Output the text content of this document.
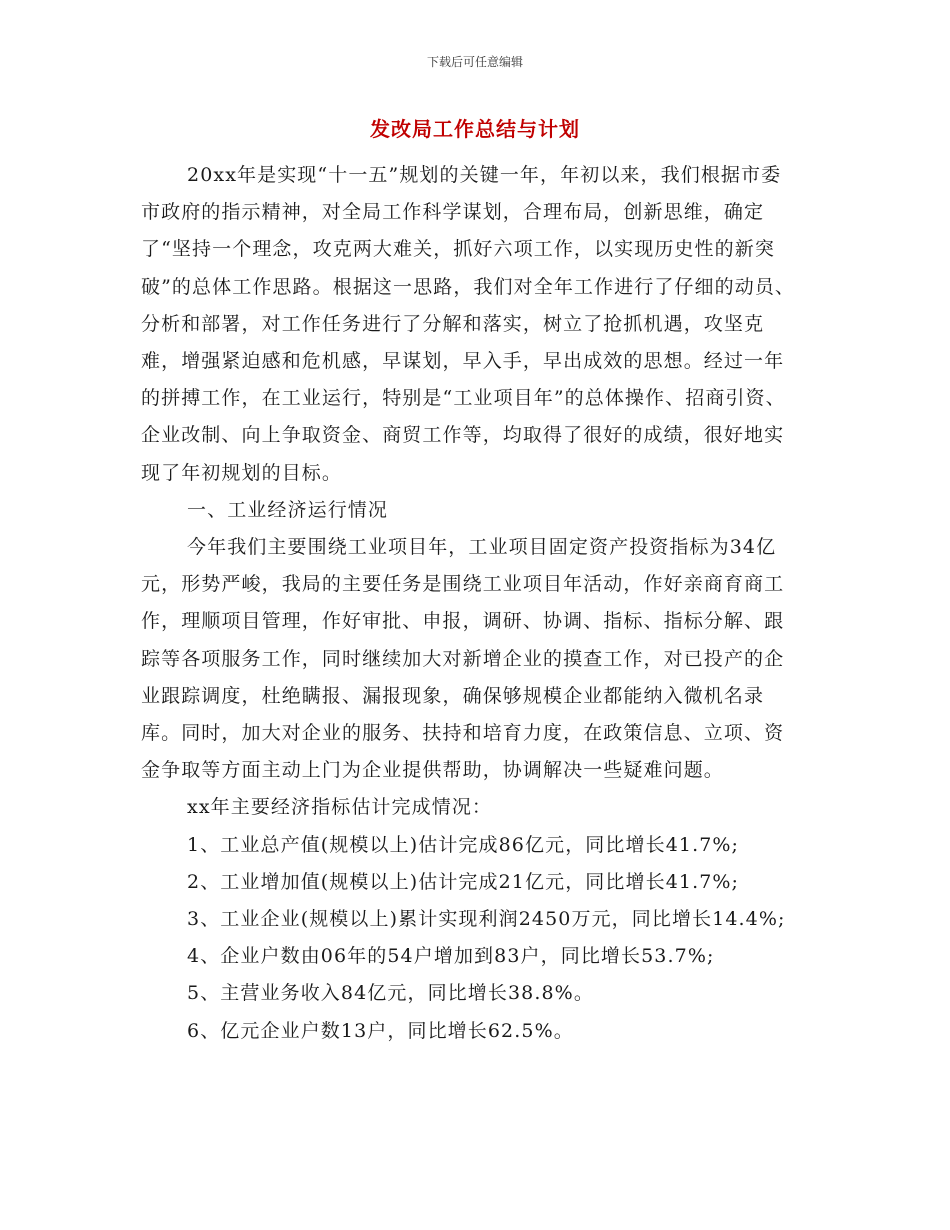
下载后可任意编辑
发改局工作总结与计划

20xx年是实现“十一五”规划的关键一年，年初以来，我们根据市委市政府的指示精神，对全局工作科学谋划，合理布局，创新思维，确定了“坚持一个理念，攻克两大难关，抓好六项工作，以实现历史性的新突破”的总体工作思路。根据这一思路，我们对全年工作进行了仔细的动员、分析和部署，对工作任务进行了分解和落实，树立了抢抓机遇，攻坚克难，增强紧迫感和危机感，早谋划，早入手，早出成效的思想。经过一年的拼搏工作，在工业运行，特别是“工业项目年”的总体操作、招商引资、企业改制、向上争取资金、商贸工作等，均取得了很好的成绩，很好地实现了年初规划的目标。

一、工业经济运行情况

今年我们主要围绕工业项目年，工业项目固定资产投资指标为34亿元，形势严峻，我局的主要任务是围绕工业项目年活动，作好亲商育商工作，理顺项目管理，作好审批、申报，调研、协调、指标、指标分解、跟踪等各项服务工作，同时继续加大对新增企业的摸查工作，对已投产的企业跟踪调度，杜绝瞒报、漏报现象，确保够规模企业都能纳入微机名录库。同时，加大对企业的服务、扶持和培育力度，在政策信息、立项、资金争取等方面主动上门为企业提供帮助，协调解决一些疑难问题。

xx年主要经济指标估计完成情况：

1、工业总产值(规模以上)估计完成86亿元，同比增长41.7%;

2、工业增加值(规模以上)估计完成21亿元，同比增长41.7%;

3、工业企业(规模以上)累计实现利润2450万元，同比增长14.4%;

4、企业户数由06年的54户增加到83户，同比增长53.7%;

5、主营业务收入84亿元，同比增长38.8%。

6、亿元企业户数13户，同比增长62.5%。
